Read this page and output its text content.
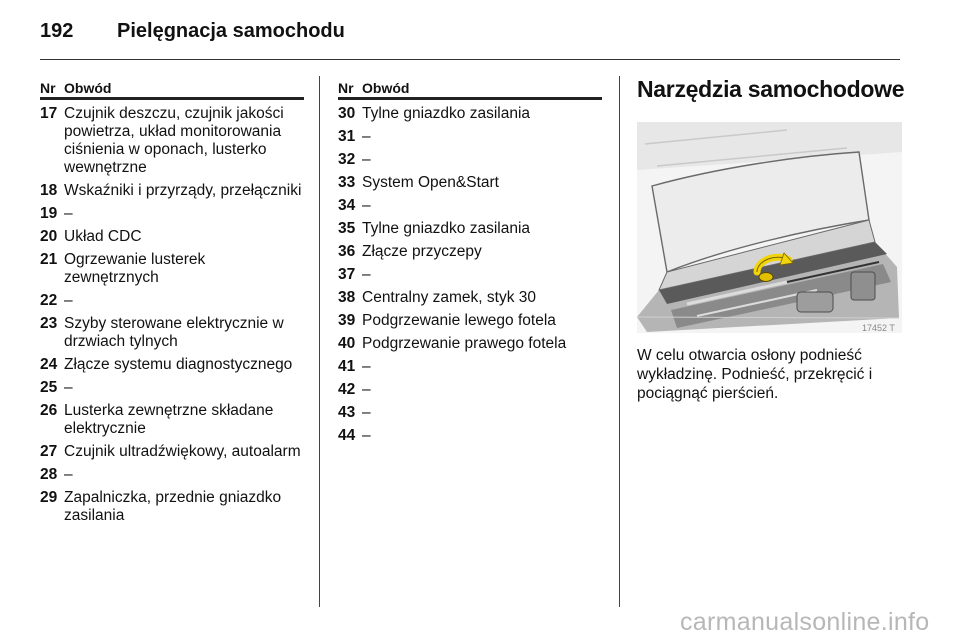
192 Pielęgnacja samochodu
Nr Obwód
17 Czujnik deszczu, czujnik jakości powietrza, układ monitorowania ciśnienia w oponach, lusterko wewnętrzne
18 Wskaźniki i przyrządy, przełączniki
19 –
20 Układ CDC
21 Ogrzewanie lusterek zewnętrznych
22 –
23 Szyby sterowane elektrycznie w drzwiach tylnych
24 Złącze systemu diagnostycznego
25 –
26 Lusterka zewnętrzne składane elektrycznie
27 Czujnik ultradźwiękowy, autoalarm
28 –
29 Zapalniczka, przednie gniazdko zasilania
Nr Obwód
30 Tylne gniazdko zasilania
31 –
32 –
33 System Open&Start
34 –
35 Tylne gniazdko zasilania
36 Złącze przyczepy
37 –
38 Centralny zamek, styk 30
39 Podgrzewanie lewego fotela
40 Podgrzewanie prawego fotela
41 –
42 –
43 –
44 –
Narzędzia samochodowe
17452 T
W celu otwarcia osłony podnieść wykładzinę. Podnieść, przekręcić i pociągnąć pierścień.
carmanualsonline.info
